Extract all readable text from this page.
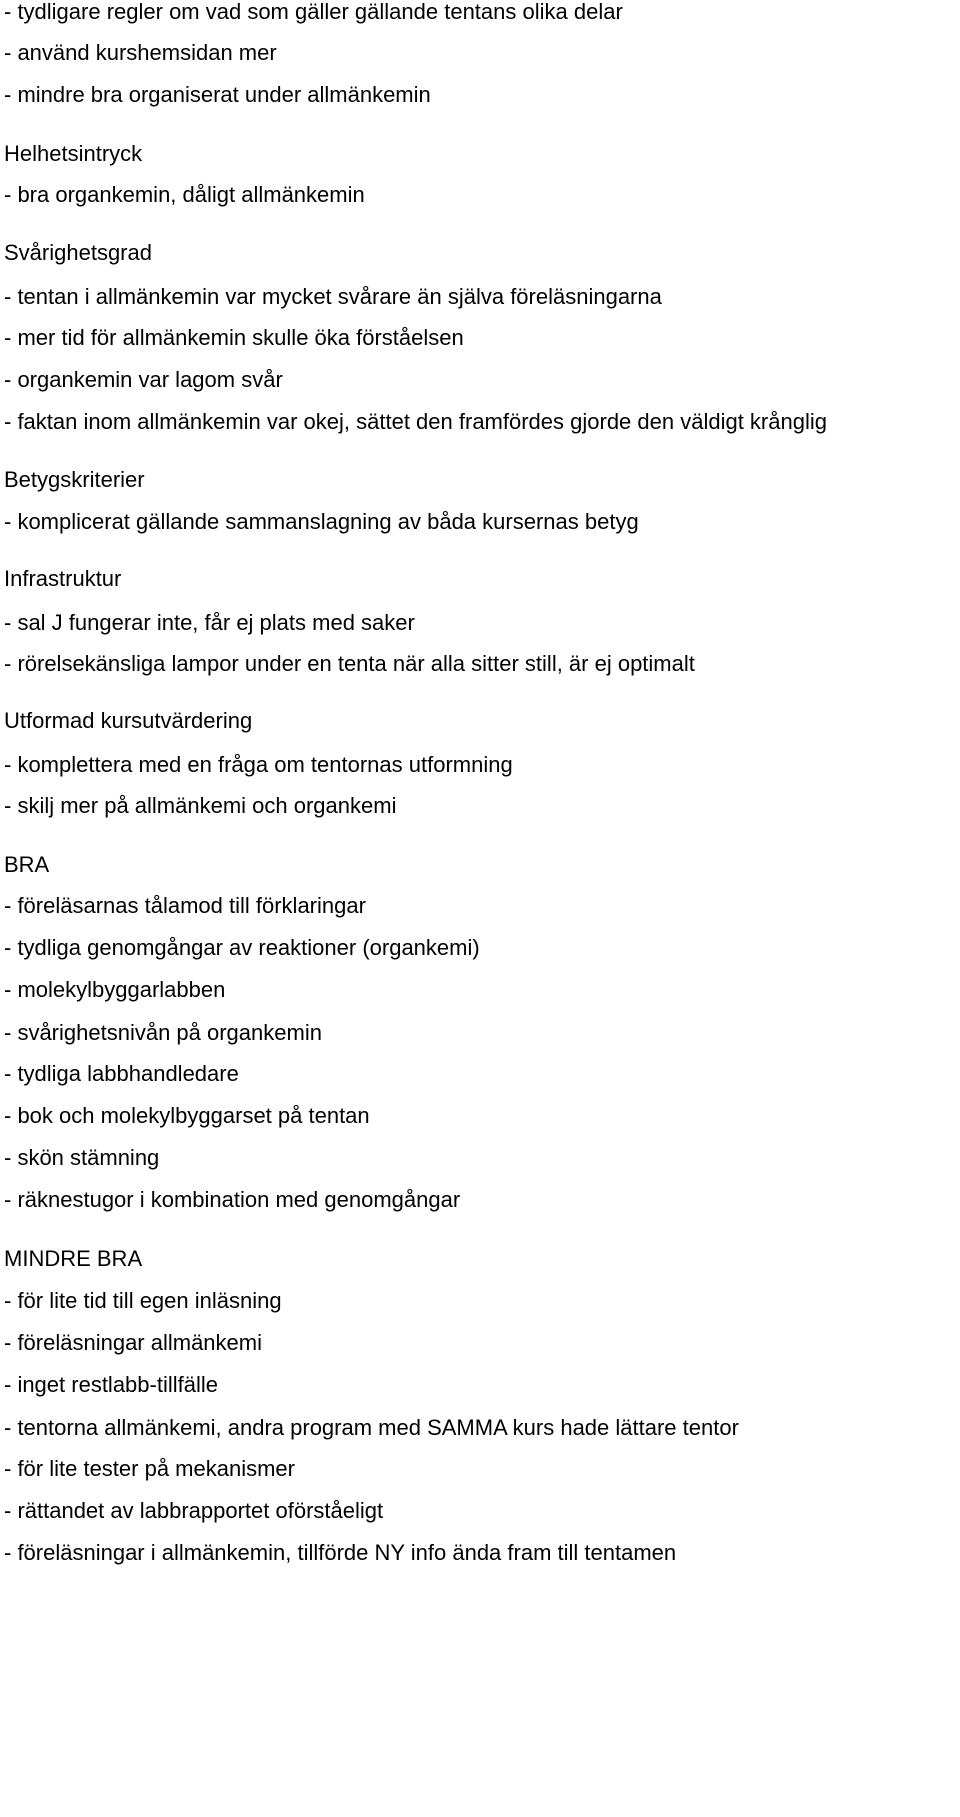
- tydligare regler om vad som gäller gällande tentans olika delar

- använd kurshemsidan mer

- mindre bra organiserat under allmänkemin

Helhetsintryck

- bra organkemin, dåligt allmänkemin

Svårighetsgrad

- tentan i allmänkemin var mycket svårare än själva föreläsningarna

- mer tid för allmänkemin skulle öka förståelsen

- organkemin var lagom svår

- faktan inom allmänkemin var okej, sättet den framfördes gjorde den väldigt krånglig

Betygskriterier

- komplicerat gällande sammanslagning av båda kursernas betyg

Infrastruktur

- sal J fungerar inte, får ej plats med saker

- rörelsekänsliga lampor under en tenta när alla sitter still, är ej optimalt

Utformad kursutvärdering

- komplettera med en fråga om tentornas utformning

- skilj mer på allmänkemi och organkemi

BRA

- föreläsarnas tålamod till förklaringar

- tydliga genomgångar av reaktioner (organkemi)

- molekylbyggarlabben

- svårighetsnivån på organkemin

- tydliga labbhandledare

- bok och molekylbyggarset på tentan

- skön stämning

- räknestugor i kombination med genomgångar

MINDRE BRA

- för lite tid till egen inläsning

- föreläsningar allmänkemi

- inget restlabb-tillfälle

- tentorna allmänkemi, andra program med SAMMA kurs hade lättare tentor

- för lite tester på mekanismer

- rättandet av labbrapportet oförståeligt

- föreläsningar i allmänkemin, tillförde NY info ända fram till tentamen
